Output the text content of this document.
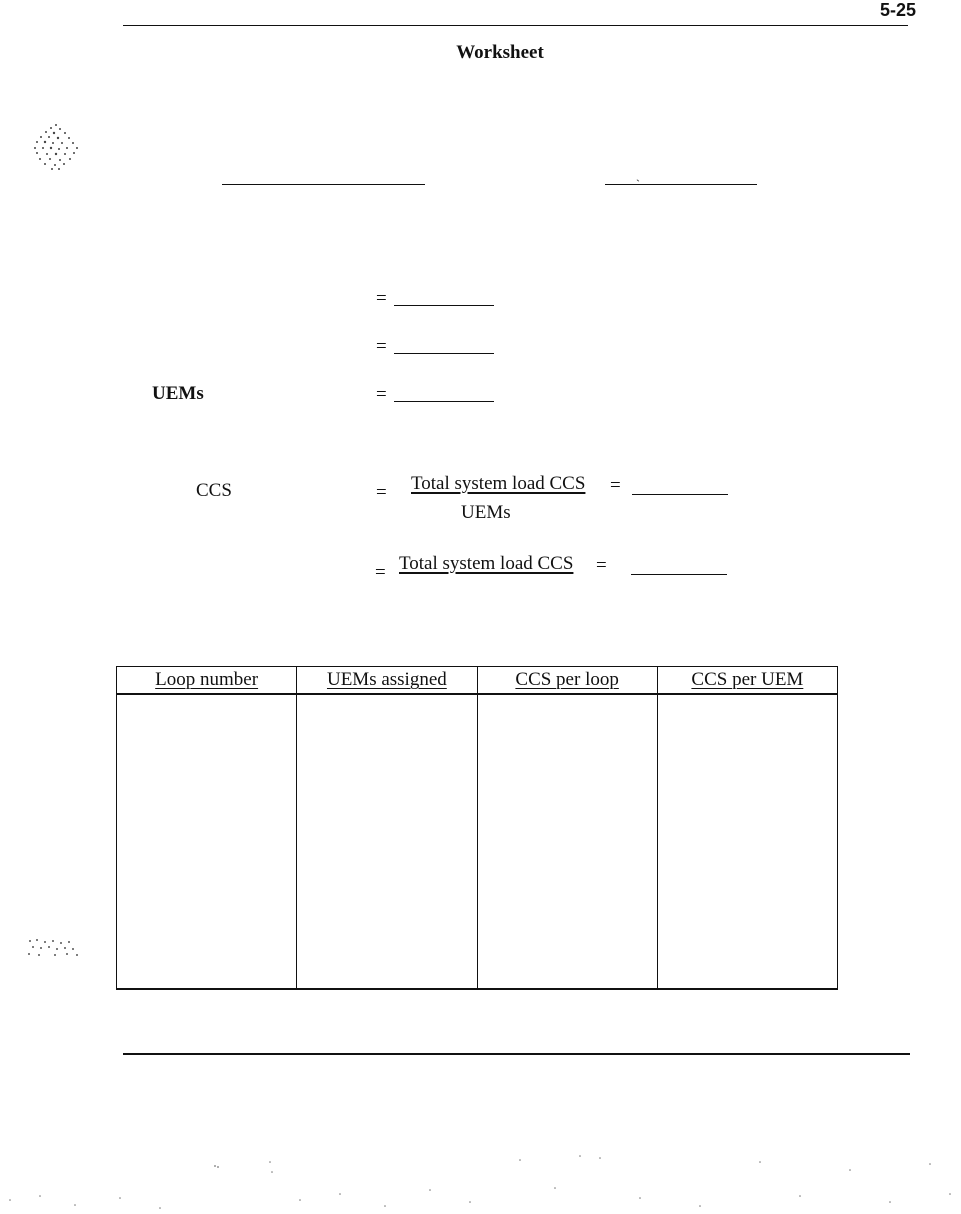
5-25
Worksheet
`
=
=
UEMs	=
CCS	= Total system load CCS =
UEMs
= Total system load CCS =
Loop number	UEMs assigned	CCS per loop	CCS per UEM
